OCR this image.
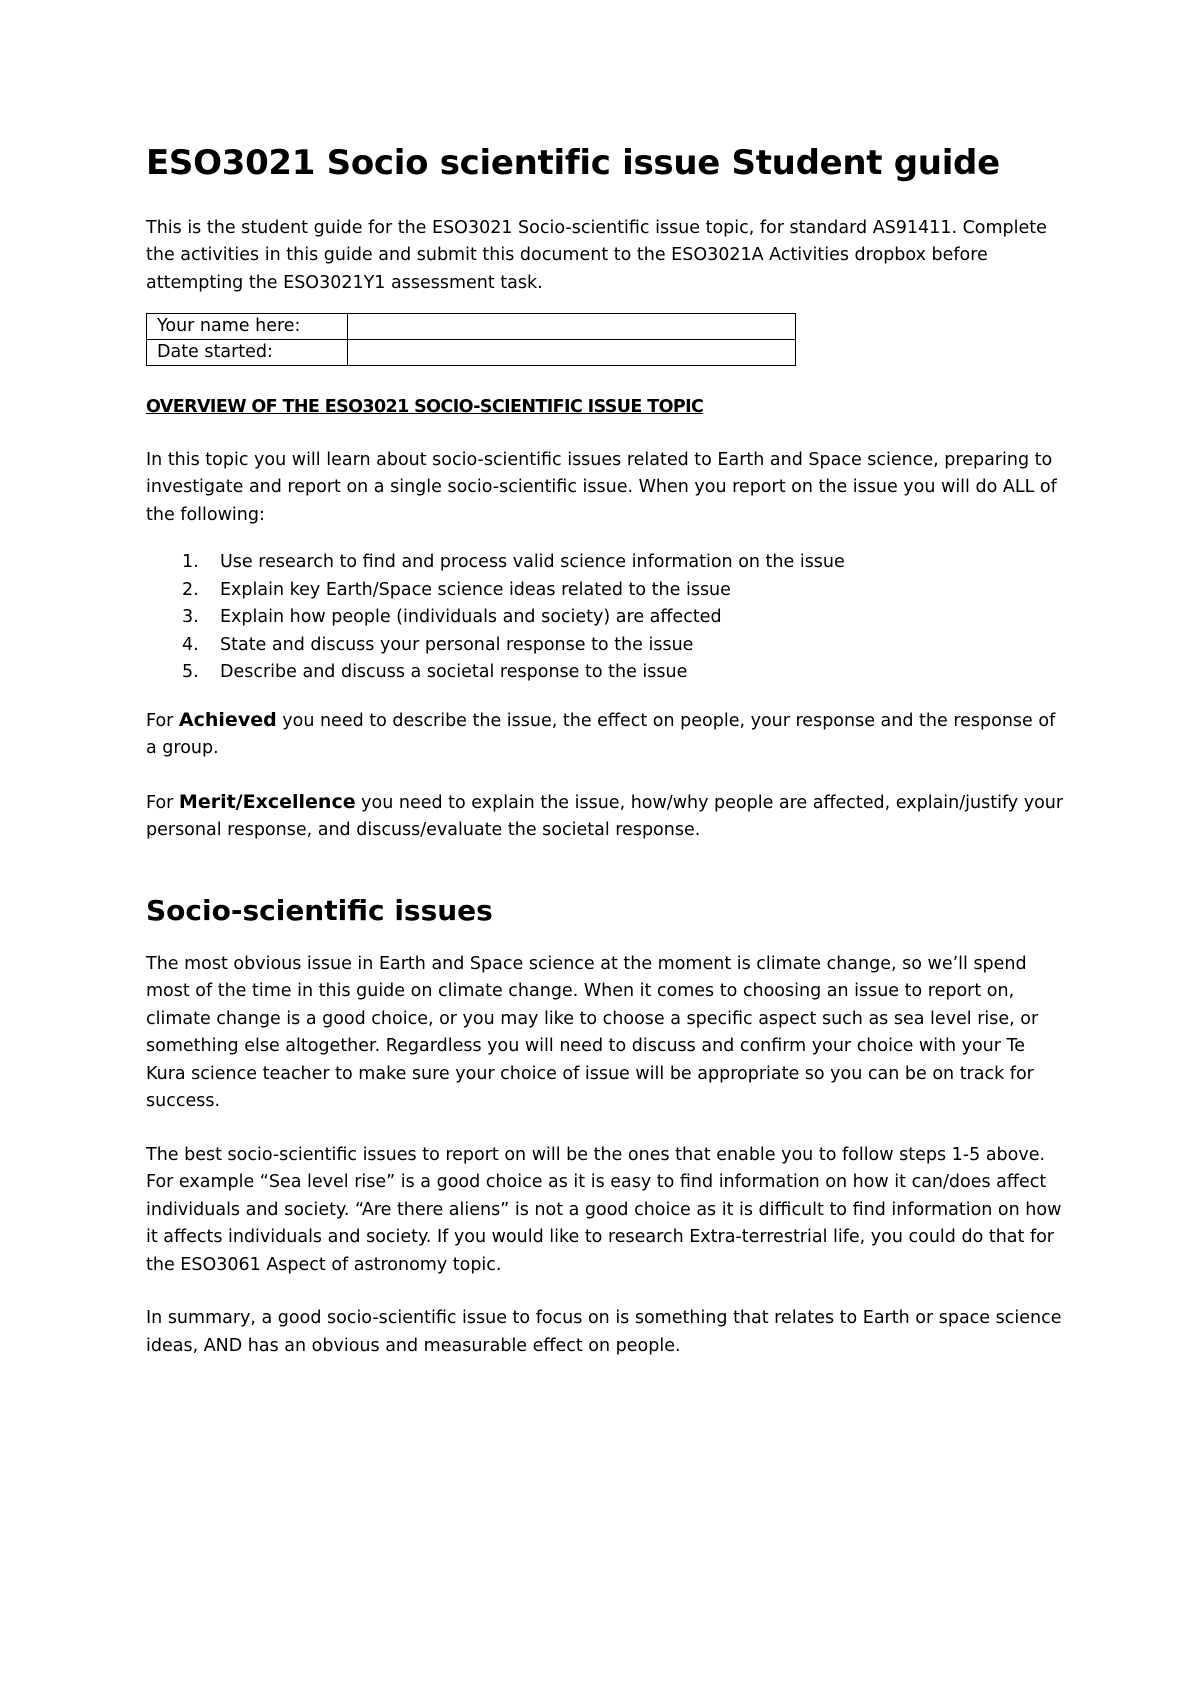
ESO3021 Socio scientific issue Student guide

This is the student guide for the ESO3021 Socio-scientific issue topic, for standard AS91411. Complete the activities in this guide and submit this document to the ESO3021A Activities dropbox before attempting the ESO3021Y1 assessment task.

Your name here:	
Date started:	

OVERVIEW OF THE ESO3021 SOCIO-SCIENTIFIC ISSUE TOPIC

In this topic you will learn about socio-scientific issues related to Earth and Space science, preparing to investigate and report on a single socio-scientific issue. When you report on the issue you will do ALL of the following:

1. Use research to find and process valid science information on the issue
2. Explain key Earth/Space science ideas related to the issue
3. Explain how people (individuals and society) are affected
4. State and discuss your personal response to the issue
5. Describe and discuss a societal response to the issue

For Achieved you need to describe the issue, the effect on people, your response and the response of a group.

For Merit/Excellence you need to explain the issue, how/why people are affected, explain/justify your personal response, and discuss/evaluate the societal response.

Socio-scientific issues

The most obvious issue in Earth and Space science at the moment is climate change, so we’ll spend most of the time in this guide on climate change. When it comes to choosing an issue to report on, climate change is a good choice, or you may like to choose a specific aspect such as sea level rise, or something else altogether. Regardless you will need to discuss and confirm your choice with your Te Kura science teacher to make sure your choice of issue will be appropriate so you can be on track for success.

The best socio-scientific issues to report on will be the ones that enable you to follow steps 1-5 above. For example “Sea level rise” is a good choice as it is easy to find information on how it can/does affect individuals and society. “Are there aliens” is not a good choice as it is difficult to find information on how it affects individuals and society. If you would like to research Extra-terrestrial life, you could do that for the ESO3061 Aspect of astronomy topic.

In summary, a good socio-scientific issue to focus on is something that relates to Earth or space science ideas, AND has an obvious and measurable effect on people.
